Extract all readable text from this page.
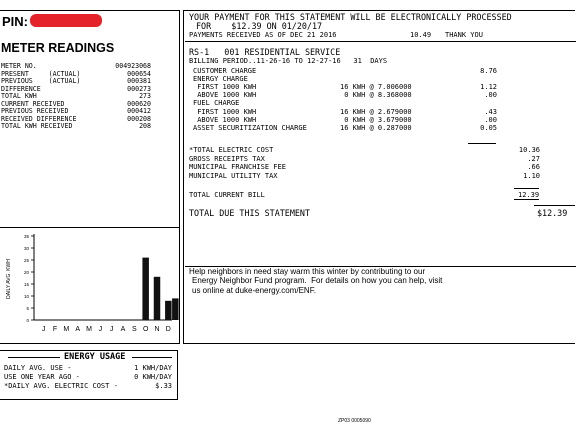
PIN:
METER READINGS
METER NO.	004923068
PRESENT     (ACTUAL)	000654
PREVIOUS    (ACTUAL)	000381
DIFFERENCE	000273
TOTAL KWH	273
CURRENT RECEIVED	000620
PREVIOUS RECEIVED	000412
RECEIVED DIFFERENCE	000208
TOTAL KWH RECEIVED	208
35
30
25
20
15
10
5
0
DAILY AVG. KWH
J F M A M J J A S O N D
ENERGY USAGE
DAILY AVG. USE -	1 KWH/DAY
USE ONE YEAR AGO -	0 KWH/DAY
*DAILY AVG. ELECTRIC COST -	$.33
YOUR PAYMENT FOR THIS STATEMENT WILL BE ELECTRONICALLY PROCESSED
FOR    $12.39 ON 01/20/17
PAYMENTS RECEIVED AS OF DEC 21 2016	10.49 THANK YOU
RS-1   001 RESIDENTIAL SERVICE
BILLING PERIOD..11-26-16 TO 12-27-16   31  DAYS
CUSTOMER CHARGE	8.76
ENERGY CHARGE
FIRST 1000 KWH	16 KWH @ 7.006000	1.12
ABOVE 1000 KWH	0 KWH @ 8.368000	.00
FUEL CHARGE
FIRST 1000 KWH	16 KWH @ 2.679000	.43
ABOVE 1000 KWH	0 KWH @ 3.679000	.00
ASSET SECURITIZATION CHARGE	16 KWH @ 0.287000	0.05
*TOTAL ELECTRIC COST	10.36
GROSS RECEIPTS TAX	.27
MUNICIPAL FRANCHISE FEE	.66
MUNICIPAL UTILITY TAX	1.10
TOTAL CURRENT BILL	12.39
TOTAL DUE THIS STATEMENT	$12.39
Help neighbors in need stay warm this winter by contributing to our
Energy Neighbor Fund program.  For details on how you can help, visit
us online at duke-energy.com/ENF.
ZP03 0005090
